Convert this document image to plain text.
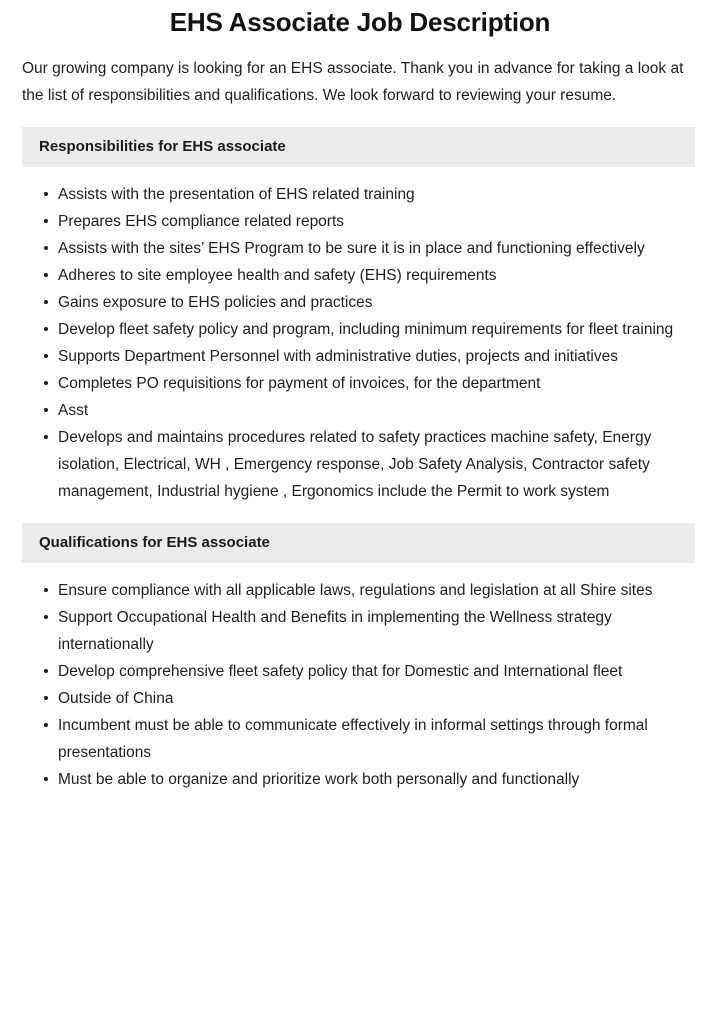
EHS Associate Job Description

Our growing company is looking for an EHS associate. Thank you in advance for taking a look at the list of responsibilities and qualifications. We look forward to reviewing your resume.

Responsibilities for EHS associate
Assists with the presentation of EHS related training
Prepares EHS compliance related reports
Assists with the sites’ EHS Program to be sure it is in place and functioning effectively
Adheres to site employee health and safety (EHS) requirements
Gains exposure to EHS policies and practices
Develop fleet safety policy and program, including minimum requirements for fleet training
Supports Department Personnel with administrative duties, projects and initiatives
Completes PO requisitions for payment of invoices, for the department
Asst
Develops and maintains procedures related to safety practices machine safety, Energy isolation, Electrical, WH , Emergency response, Job Safety Analysis, Contractor safety management, Industrial hygiene , Ergonomics include the Permit to work system
Qualifications for EHS associate
Ensure compliance with all applicable laws, regulations and legislation at all Shire sites
Support Occupational Health and Benefits in implementing the Wellness strategy internationally
Develop comprehensive fleet safety policy that for Domestic and International fleet
Outside of China
Incumbent must be able to communicate effectively in informal settings through formal presentations
Must be able to organize and prioritize work both personally and functionally
